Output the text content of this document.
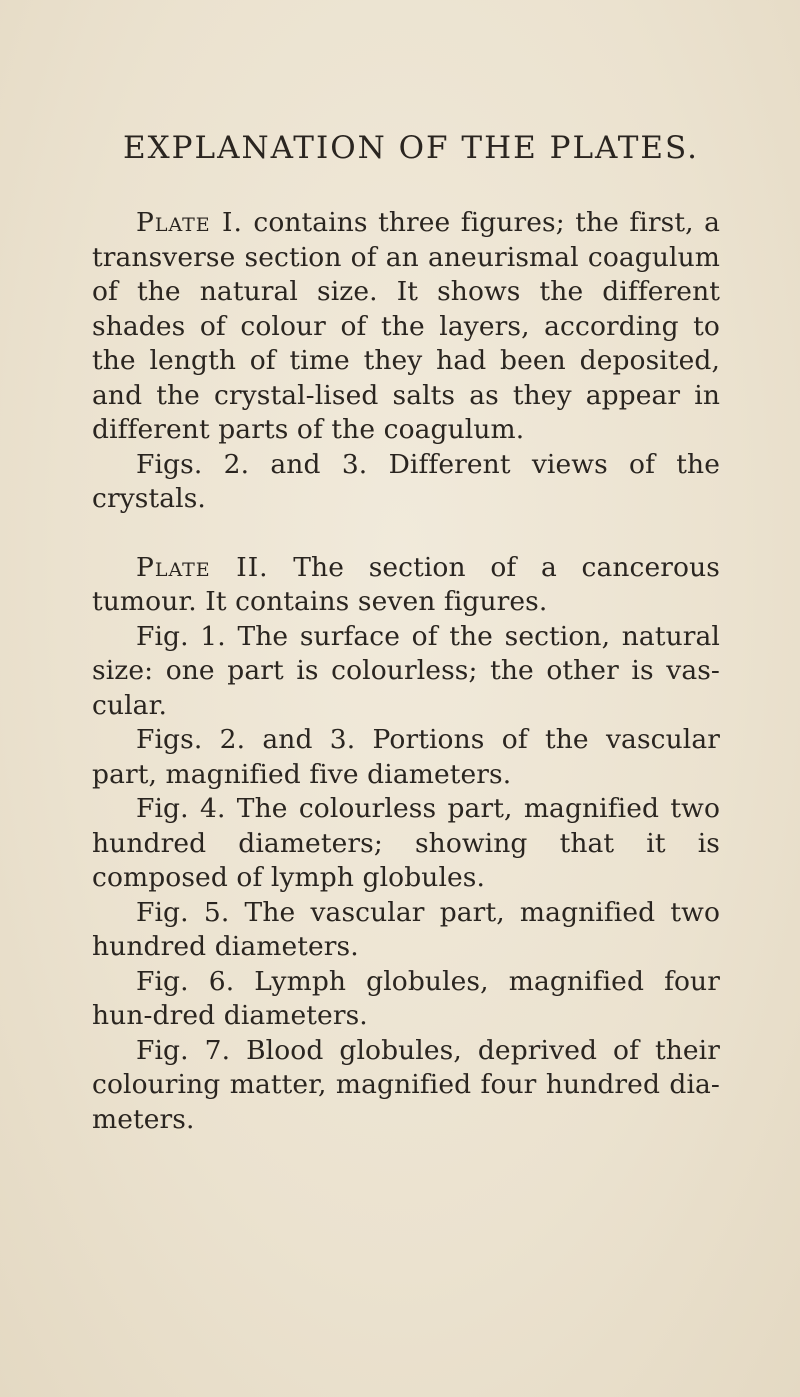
EXPLANATION OF THE PLATES.

Plate I. contains three figures; the first, a transverse section of an aneurismal coagulum of the natural size. It shows the different shades of colour of the layers, according to the length of time they had been deposited, and the crystal-lised salts as they appear in different parts of the coagulum.

Figs. 2. and 3. Different views of the crystals.

Plate II. The section of a cancerous tumour. It contains seven figures.

Fig. 1. The surface of the section, natural size: one part is colourless; the other is vas-cular.

Figs. 2. and 3. Portions of the vascular part, magnified five diameters.

Fig. 4. The colourless part, magnified two hundred diameters; showing that it is composed of lymph globules.

Fig. 5. The vascular part, magnified two hundred diameters.

Fig. 6. Lymph globules, magnified four hun-dred diameters.

Fig. 7. Blood globules, deprived of their colouring matter, magnified four hundred dia-meters.
